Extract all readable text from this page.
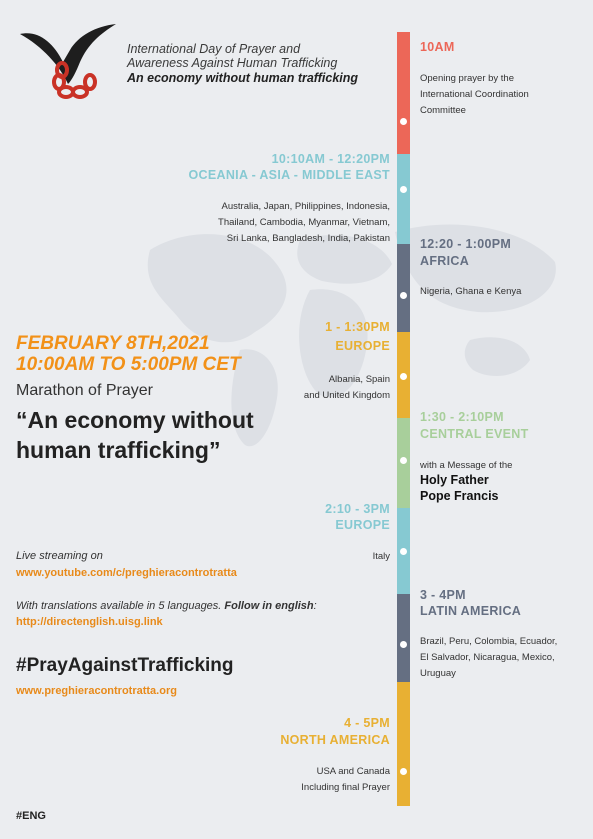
International Day of Prayer and
Awareness Against Human Trafficking
An economy without human trafficking
FEBRUARY 8TH,2021
10:00AM TO 5:00PM CET
Marathon of Prayer
“An economy without
human trafficking”
Live streaming on
www.youtube.com/c/preghieracontrotratta
With translations available in 5 languages. Follow in english:
http://directenglish.uisg.link
#PrayAgainstTrafficking
www.preghieracontrotratta.org
#ENG
10AM
Opening prayer by the
International Coordination
Committee
10:10AM - 12:20PM
OCEANIA - ASIA - MIDDLE EAST
Australia, Japan, Philippines, Indonesia,
Thailand, Cambodia, Myanmar, Vietnam,
Sri Lanka, Bangladesh, India, Pakistan 12:20 - 1:00PM
AFRICA
Nigeria, Ghana e Kenya
1 - 1:30PM
EUROPE
Albania, Spain
and United Kingdom
1:30 - 2:10PM
CENTRAL EVENT
with a Message of the
Holy Father
Pope Francis
2:10 - 3PM
EUROPE
Italy
3 - 4PM
LATIN AMERICA
Brazil, Peru, Colombia, Ecuador,
El Salvador, Nicaragua, Mexico,
Uruguay
4 - 5PM
NORTH AMERICA
USA and Canada
Including final Prayer
